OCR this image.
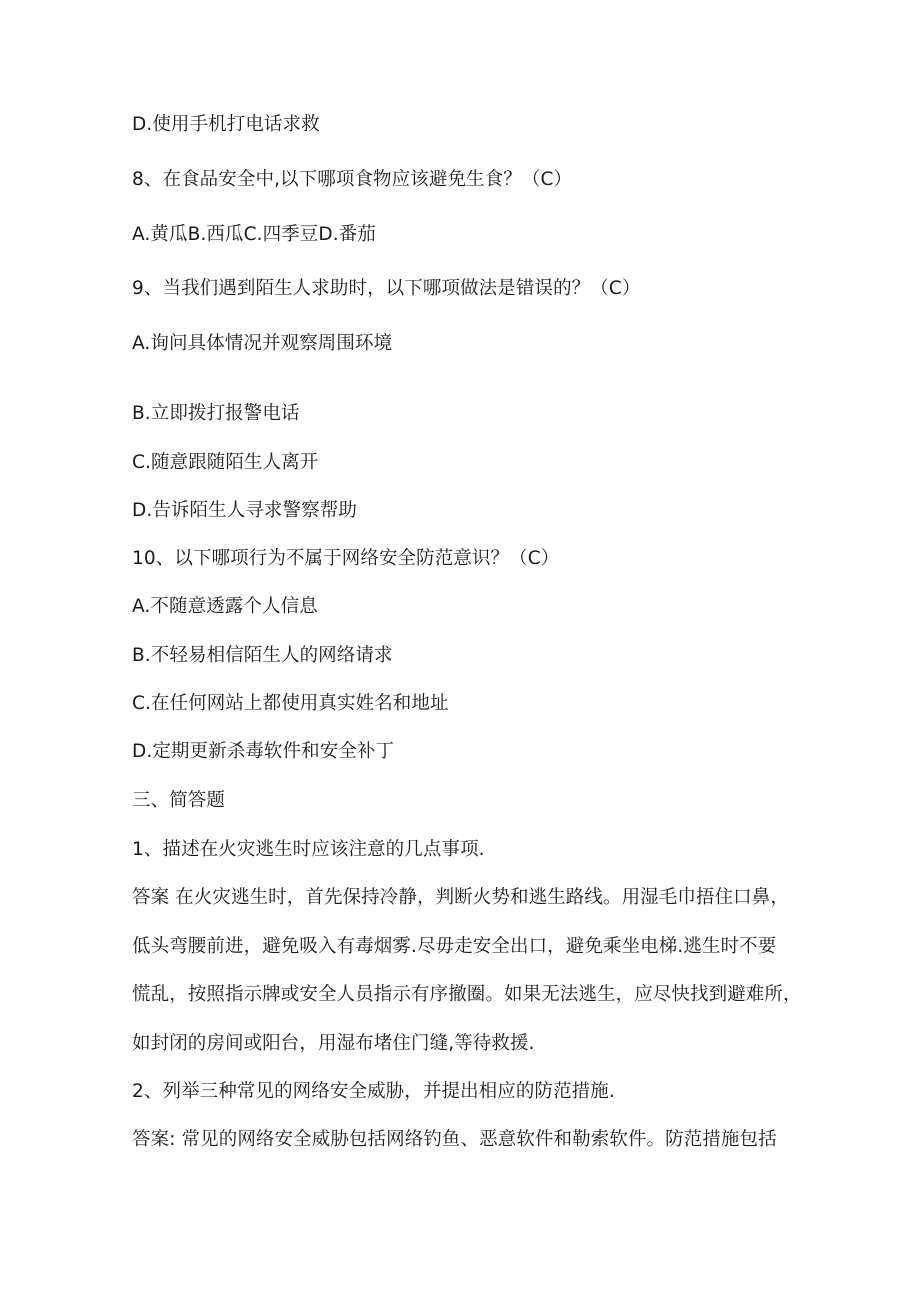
D.使用手机打电话求救
8、在食品安全中,以下哪项食物应该避免生食？（C）
A.黄瓜B.西瓜C.四季豆D.番茄
9、当我们遇到陌生人求助时，以下哪项做法是错误的？（C）
A.询问具体情况并观察周围环境
B.立即拨打报警电话
C.随意跟随陌生人离开
D.告诉陌生人寻求警察帮助
10、以下哪项行为不属于网络安全防范意识？（C）
A.不随意透露个人信息
B.不轻易相信陌生人的网络请求
C.在任何网站上都使用真实姓名和地址
D.定期更新杀毒软件和安全补丁
三、简答题
1、描述在火灾逃生时应该注意的几点事项.
答案 在火灾逃生时，首先保持冷静，判断火势和逃生路线。用湿毛巾捂住口鼻，
低头弯腰前进，避免吸入有毒烟雾.尽毋走安全出口，避免乘坐电梯.逃生时不要
慌乱，按照指示牌或安全人员指示有序撤圈。如果无法逃生，应尽快找到避难所，
如封闭的房间或阳台，用湿布堵住门缝,等待救援.
2、列举三种常见的网络安全威胁，并提出相应的防范措施.
答案: 常见的网络安全威胁包括网络钓鱼、恶意软件和勒索软件。防范措施包括
